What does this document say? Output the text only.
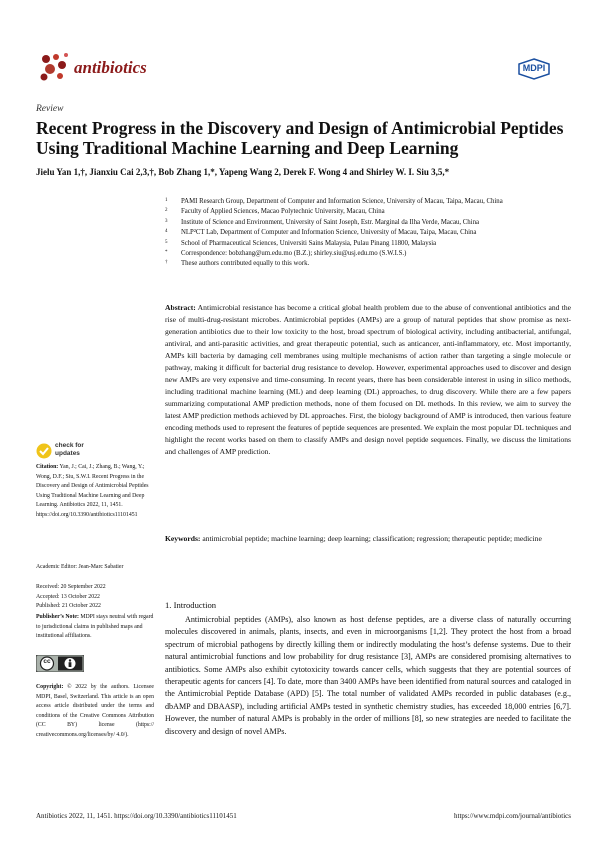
antibiotics	MDPI
Review
Recent Progress in the Discovery and Design of Antimicrobial Peptides Using Traditional Machine Learning and Deep Learning
Jielu Yan 1,†, Jianxiu Cai 2,3,†, Bob Zhang 1,*, Yapeng Wang 2, Derek F. Wong 4 and Shirley W. I. Siu 3,5,*
1 PAMI Research Group, Department of Computer and Information Science, University of Macau, Taipa, Macau, China
2 Faculty of Applied Sciences, Macao Polytechnic University, Macau, China
3 Institute of Science and Environment, University of Saint Joseph, Estr. Marginal da Ilha Verde, Macau, China
4 NLP²CT Lab, Department of Computer and Information Science, University of Macau, Taipa, Macau, China
5 School of Pharmaceutical Sciences, Universiti Sains Malaysia, Pulau Pinang 11800, Malaysia
* Correspondence: bobzhang@um.edu.mo (B.Z.); shirley.siu@usj.edu.mo (S.W.I.S.)
† These authors contributed equally to this work.
Abstract: Antimicrobial resistance has become a critical global health problem due to the abuse of conventional antibiotics and the rise of multi-drug-resistant microbes. Antimicrobial peptides (AMPs) are a group of natural peptides that show promise as next-generation antibiotics due to their low toxicity to the host, broad spectrum of biological activity, including antibacterial, antifungal, antiviral, and anti-parasitic activities, and great therapeutic potential, such as anticancer, anti-inflammatory, etc. Most importantly, AMPs kill bacteria by damaging cell membranes using multiple mechanisms of action rather than targeting a single molecule or pathway, making it difficult for bacterial drug resistance to develop. However, experimental approaches used to discover and design new AMPs are very expensive and time-consuming. In recent years, there has been considerable interest in using in silico methods, including traditional machine learning (ML) and deep learning (DL) approaches, to drug discovery. While there are a few papers summarizing computational AMP prediction methods, none of them focused on DL methods. In this review, we aim to survey the latest AMP prediction methods achieved by DL approaches. First, the biology background of AMP is introduced, then various feature encoding methods used to represent the features of peptide sequences are presented. We explain the most popular DL techniques and highlight the recent works based on them to classify AMPs and design novel peptide sequences. Finally, we discuss the limitations and challenges of AMP prediction.
Keywords: antimicrobial peptide; machine learning; deep learning; classification; regression; therapeutic peptide; medicine
check for
updates
Citation: Yan, J.; Cai, J.; Zhang, B.; Wang, Y.; Wong, D.F.; Siu, S.W.I. Recent Progress in the Discovery and Design of Antimicrobial Peptides Using Traditional Machine Learning and Deep Learning. Antibiotics 2022, 11, 1451. https://doi.org/10.3390/antibiotics11101451
Academic Editor: Jean-Marc Sabatier
Received: 20 September 2022
Accepted: 13 October 2022
Published: 21 October 2022
Publisher’s Note: MDPI stays neutral with regard to jurisdictional claims in published maps and institutional affiliations.
cc
Copyright: © 2022 by the authors. Licensee MDPI, Basel, Switzerland. This article is an open access article distributed under the terms and conditions of the Creative Commons Attribution (CC BY) license (https:// creativecommons.org/licenses/by/ 4.0/).
1. Introduction
Antimicrobial peptides (AMPs), also known as host defense peptides, are a diverse class of naturally occurring molecules discovered in animals, plants, insects, and even in microorganisms [1,2]. They protect the host from a broad spectrum of microbial pathogens by directly killing them or indirectly modulating the host’s defense systems. Due to their natural antimicrobial functions and low probability for drug resistance [3], AMPs are considered promising alternatives to antibiotics. Some AMPs also exhibit cytotoxicity towards cancer cells, which suggests that they are potential sources of therapeutic agents for cancers [4]. To date, more than 3400 AMPs have been identified from natural sources and cataloged in the Antimicrobial Peptide Database (APD) [5]. The total number of validated AMPs recorded in public databases (e.g., dbAMP and DBAASP), including artificial AMPs tested in synthetic chemistry studies, has exceeded 18,000 entries [6,7]. However, the number of natural AMPs is probably in the order of millions [8], so new strategies are needed to facilitate the discovery and design of novel AMPs.
Antibiotics 2022, 11, 1451. https://doi.org/10.3390/antibiotics11101451	https://www.mdpi.com/journal/antibiotics
